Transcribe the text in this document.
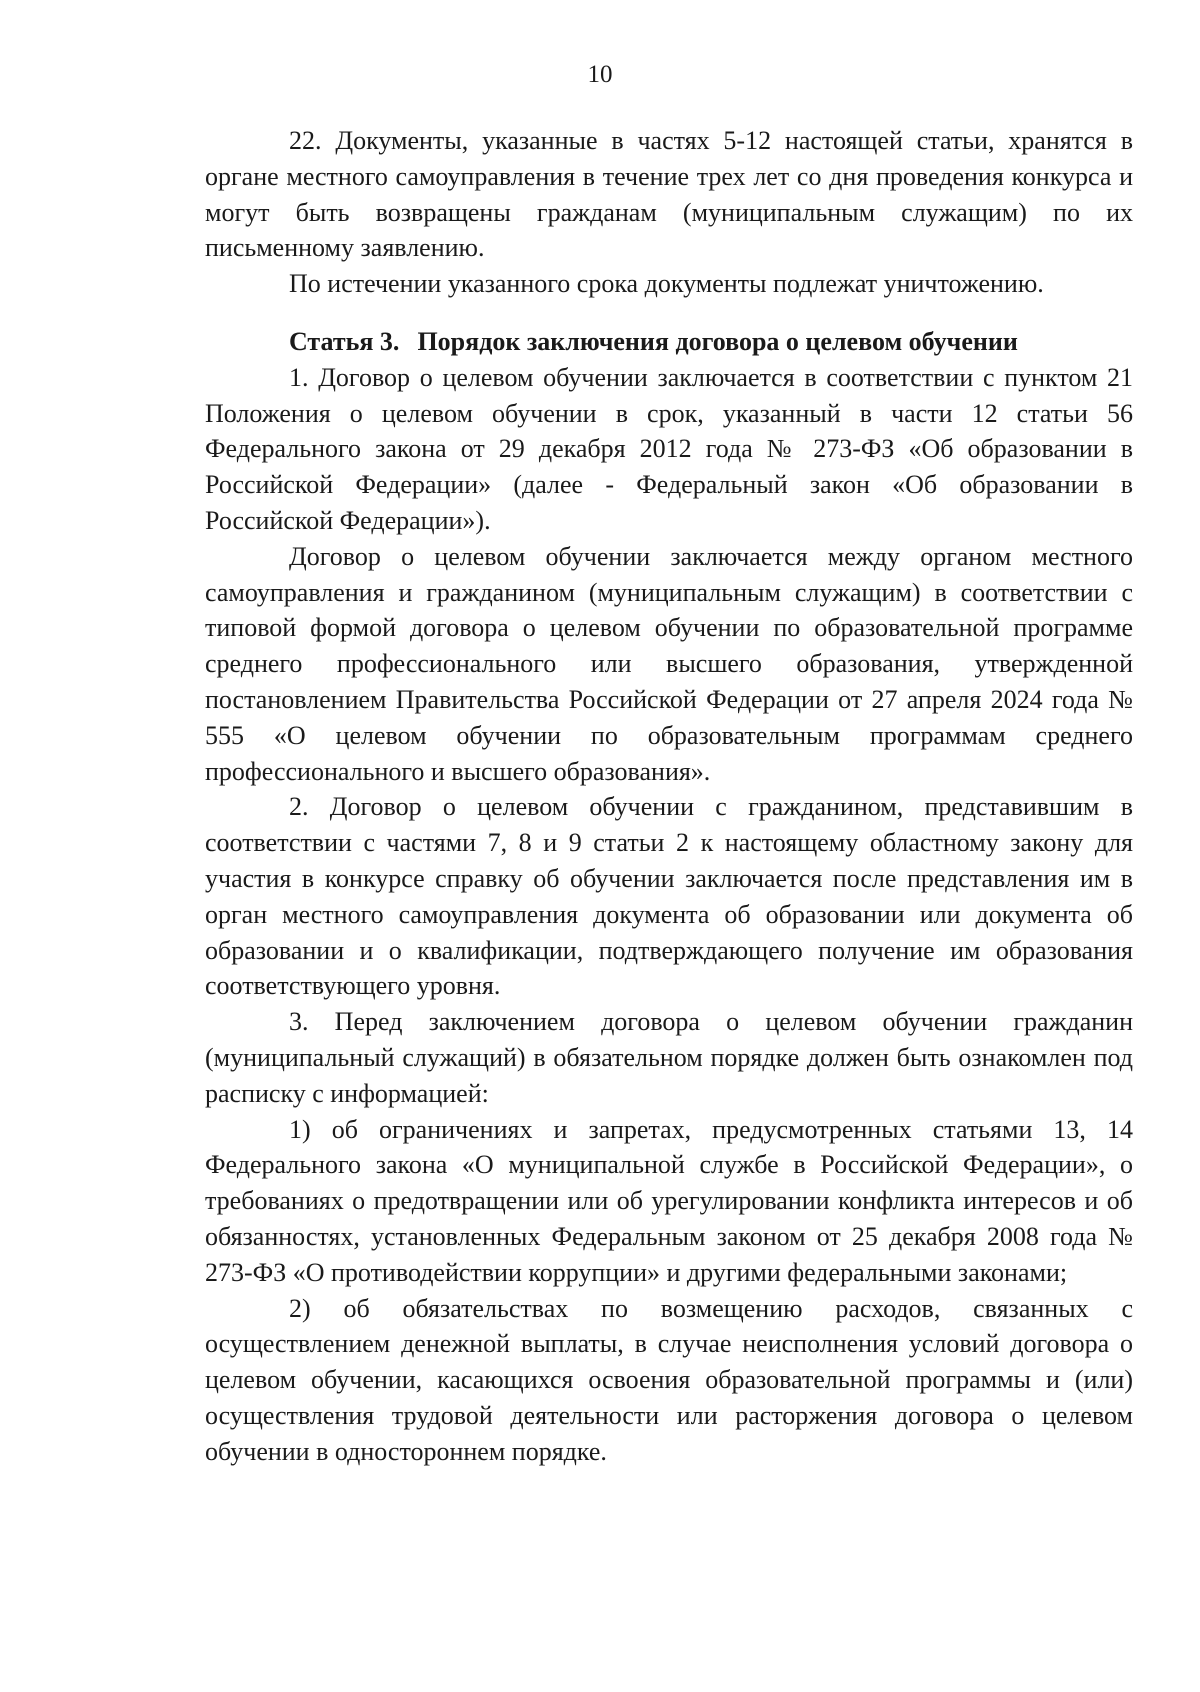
10

22. Документы, указанные в частях 5-12 настоящей статьи, хранятся в органе местного самоуправления в течение трех лет со дня проведения конкурса и могут быть возвращены гражданам (муниципальным служащим) по их письменному заявлению.

По истечении указанного срока документы подлежат уничтожению.

Статья 3. Порядок заключения договора о целевом обучении

1. Договор о целевом обучении заключается в соответствии с пунктом 21 Положения о целевом обучении в срок, указанный в части 12 статьи 56 Федерального закона от 29 декабря 2012 года № 273-ФЗ «Об образовании в Российской Федерации» (далее - Федеральный закон «Об образовании в Российской Федерации»).

Договор о целевом обучении заключается между органом местного самоуправления и гражданином (муниципальным служащим) в соответствии с типовой формой договора о целевом обучении по образовательной программе среднего профессионального или высшего образования, утвержденной постановлением Правительства Российской Федерации от 27 апреля 2024 года № 555 «О целевом обучении по образовательным программам среднего профессионального и высшего образования».

2. Договор о целевом обучении с гражданином, представившим в соответствии с частями 7, 8 и 9 статьи 2 к настоящему областному закону для участия в конкурсе справку об обучении заключается после представления им в орган местного самоуправления документа об образовании или документа об образовании и о квалификации, подтверждающего получение им образования соответствующего уровня.

3. Перед заключением договора о целевом обучении гражданин (муниципальный служащий) в обязательном порядке должен быть ознакомлен под расписку с информацией:

1) об ограничениях и запретах, предусмотренных статьями 13, 14 Федерального закона «О муниципальной службе в Российской Федерации», о требованиях о предотвращении или об урегулировании конфликта интересов и об обязанностях, установленных Федеральным законом от 25 декабря 2008 года № 273-ФЗ «О противодействии коррупции» и другими федеральными законами;

2) об обязательствах по возмещению расходов, связанных с осуществлением денежной выплаты, в случае неисполнения условий договора о целевом обучении, касающихся освоения образовательной программы и (или) осуществления трудовой деятельности или расторжения договора о целевом обучении в одностороннем порядке.
